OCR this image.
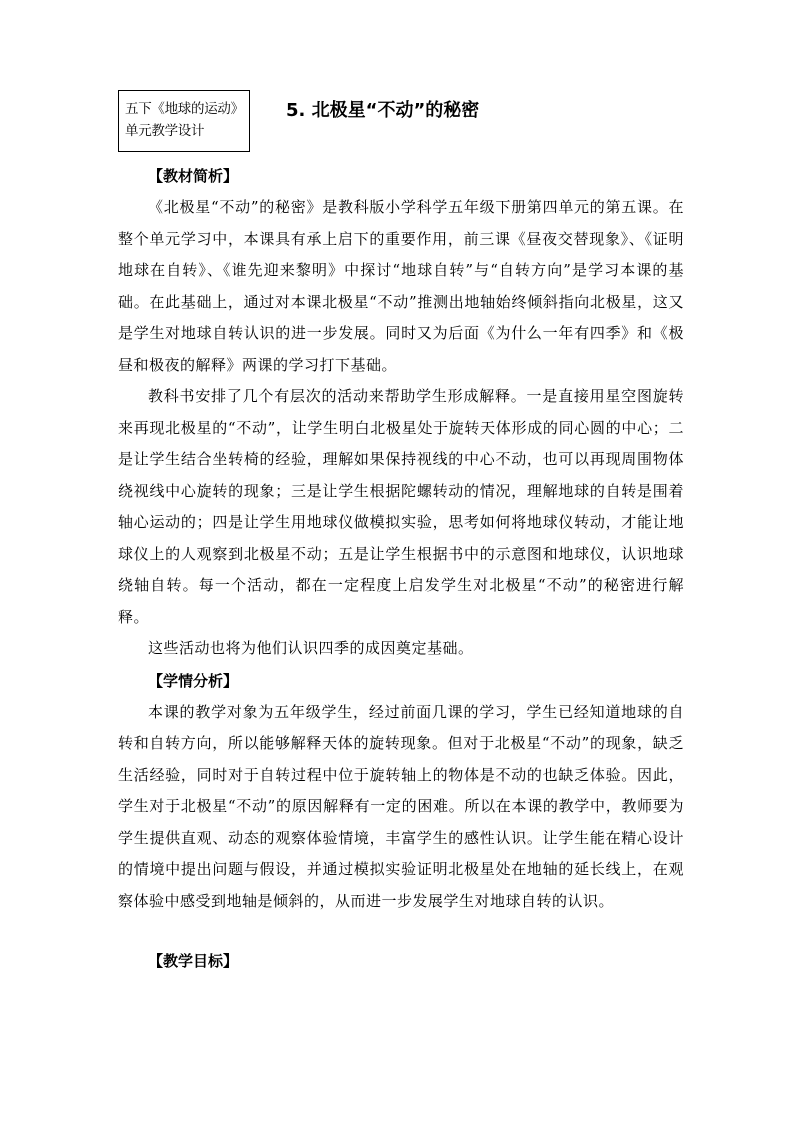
五下《地球的运动》
单元教学设计
5. 北极星“不动”的秘密
【教材简析】

《北极星“不动”的秘密》是教科版小学科学五年级下册第四单元的第五课。在整个单元学习中，本课具有承上启下的重要作用，前三课《昼夜交替现象》、《证明地球在自转》、《谁先迎来黎明》中探讨“地球自转”与“自转方向”是学习本课的基础。在此基础上，通过对本课北极星“不动”推测出地轴始终倾斜指向北极星，这又是学生对地球自转认识的进一步发展。同时又为后面《为什么一年有四季》和《极昼和极夜的解释》两课的学习打下基础。

教科书安排了几个有层次的活动来帮助学生形成解释。一是直接用星空图旋转来再现北极星的“不动”，让学生明白北极星处于旋转天体形成的同心圆的中心；二是让学生结合坐转椅的经验，理解如果保持视线的中心不动，也可以再现周围物体绕视线中心旋转的现象；三是让学生根据陀螺转动的情况，理解地球的自转是围着轴心运动的；四是让学生用地球仪做模拟实验，思考如何将地球仪转动，才能让地球仪上的人观察到北极星不动；五是让学生根据书中的示意图和地球仪，认识地球绕轴自转。每一个活动，都在一定程度上启发学生对北极星“不动”的秘密进行解释。

这些活动也将为他们认识四季的成因奠定基础。

【学情分析】

本课的教学对象为五年级学生，经过前面几课的学习，学生已经知道地球的自转和自转方向，所以能够解释天体的旋转现象。但对于北极星“不动”的现象，缺乏生活经验，同时对于自转过程中位于旋转轴上的物体是不动的也缺乏体验。因此，学生对于北极星“不动”的原因解释有一定的困难。所以在本课的教学中，教师要为学生提供直观、动态的观察体验情境，丰富学生的感性认识。让学生能在精心设计的情境中提出问题与假设，并通过模拟实验证明北极星处在地轴的延长线上，在观察体验中感受到地轴是倾斜的，从而进一步发展学生对地球自转的认识。

【教学目标】
